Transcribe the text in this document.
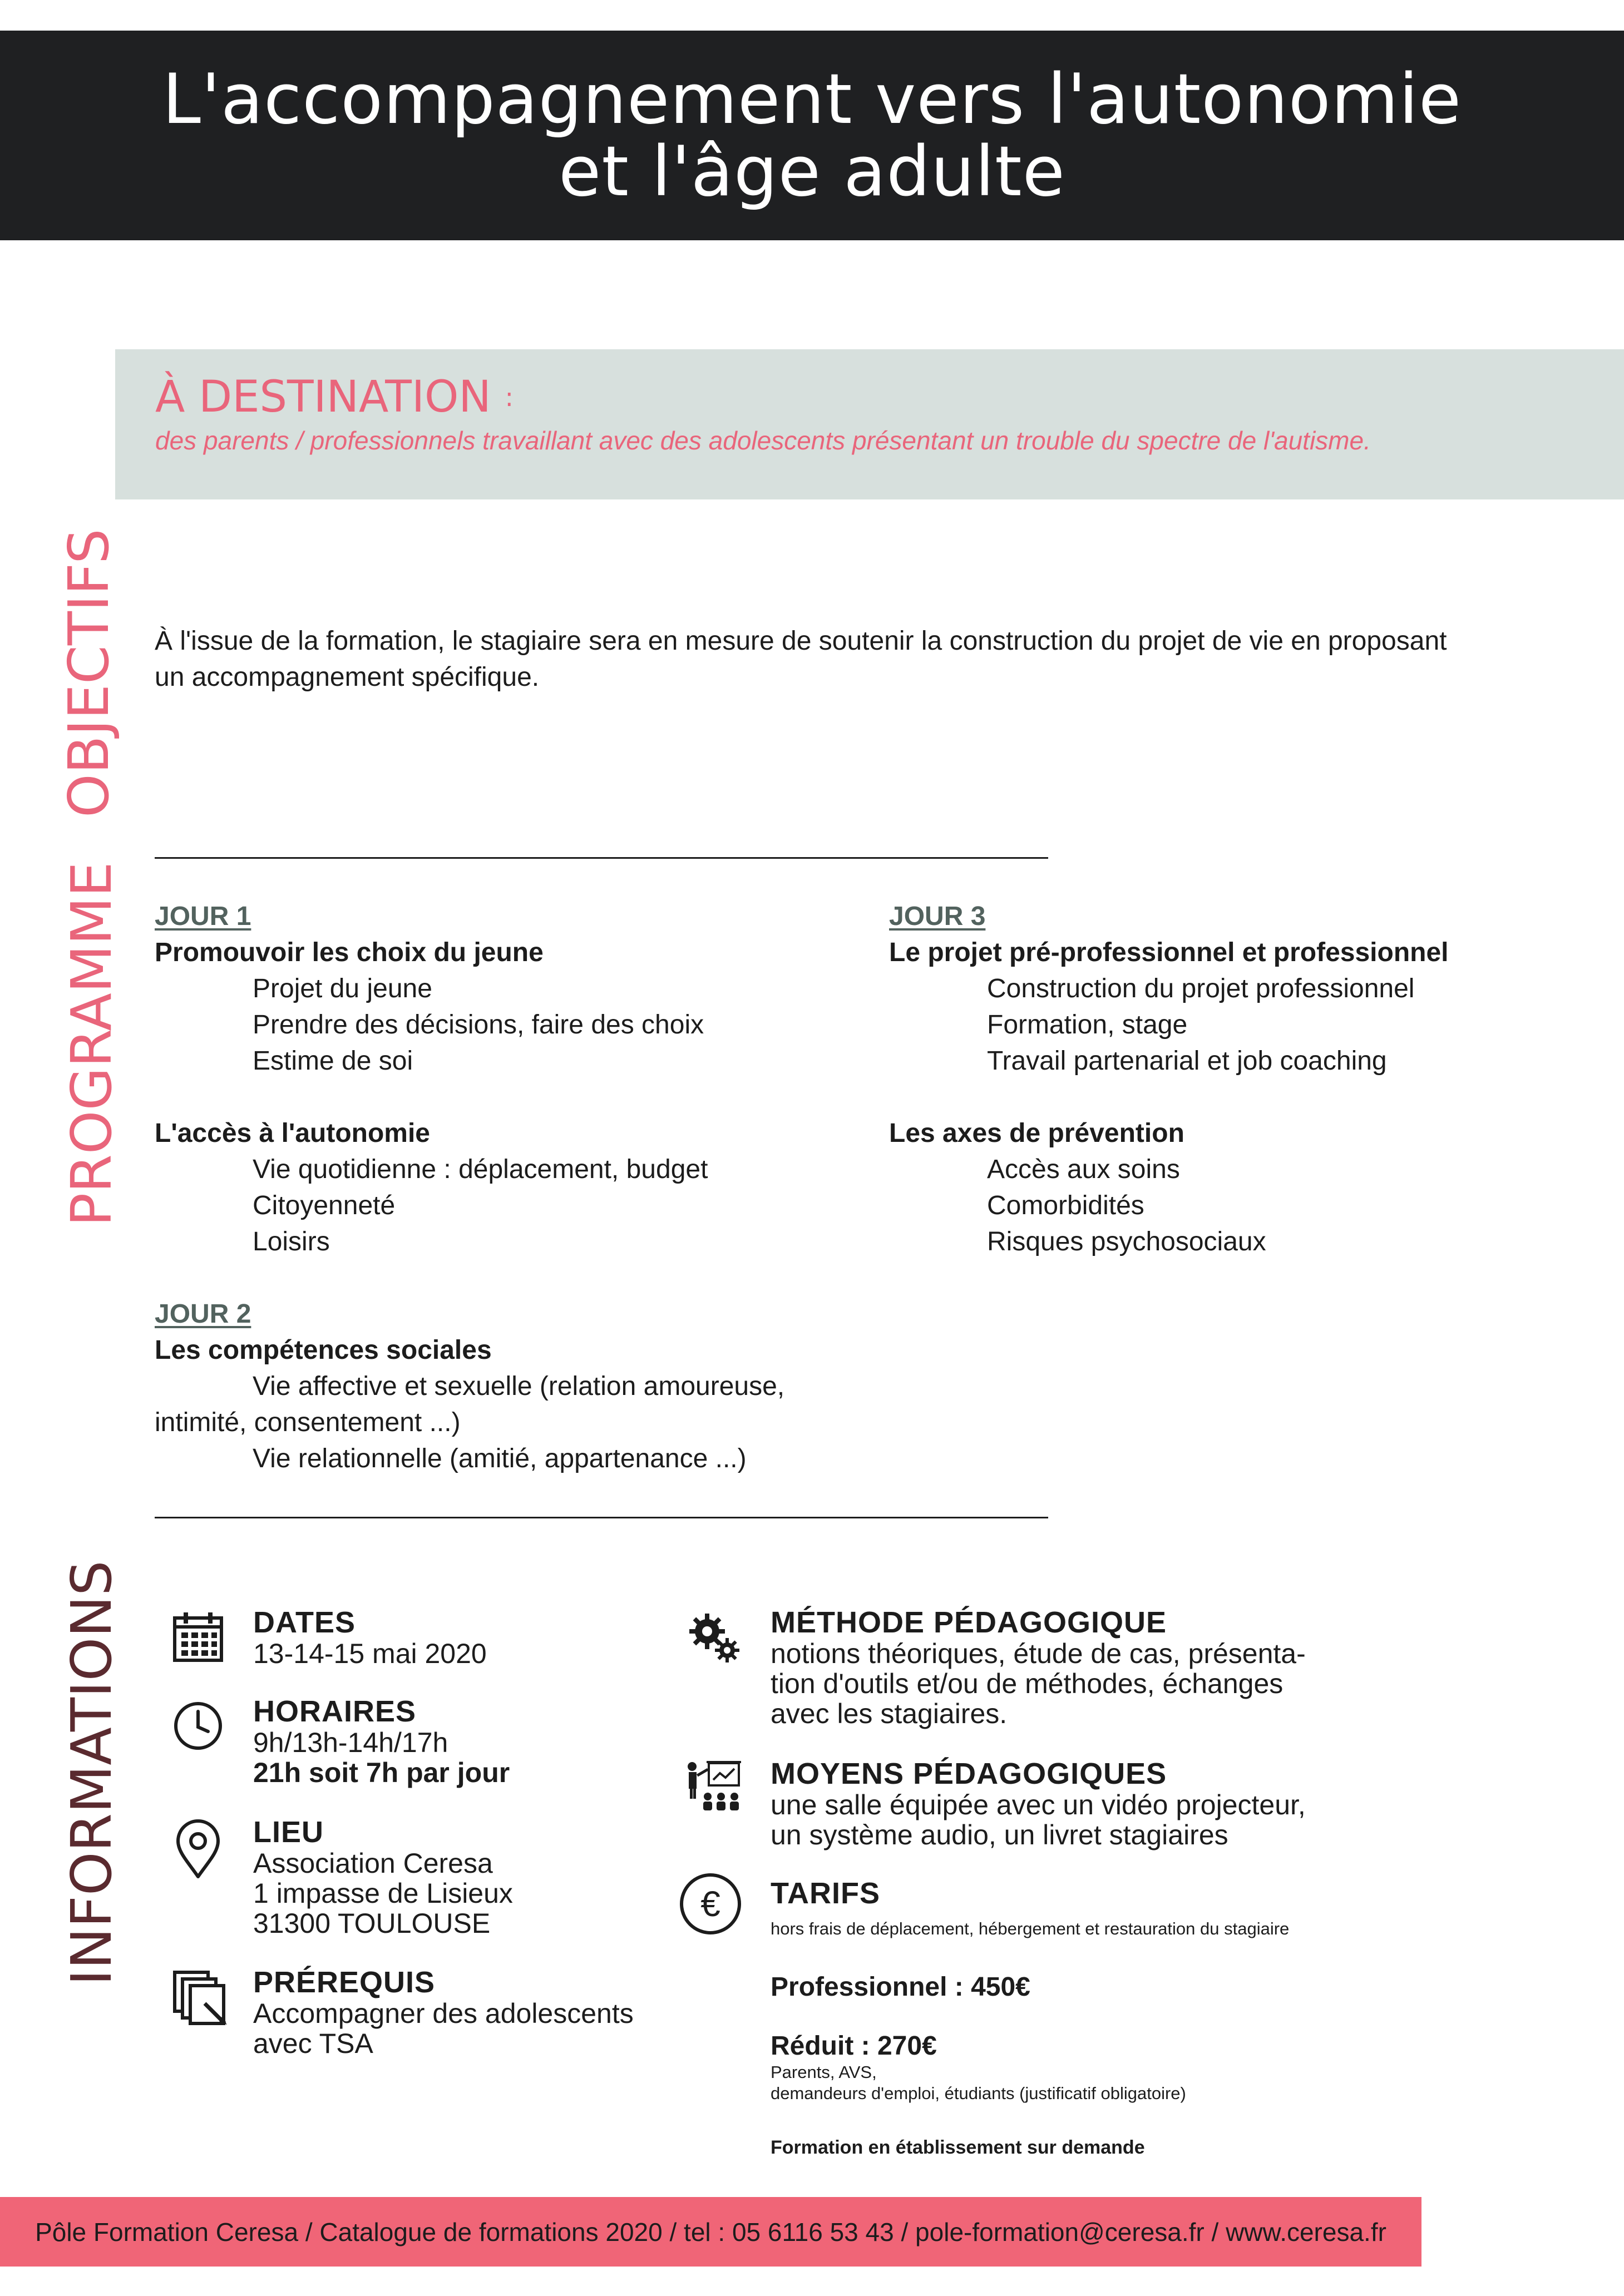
L'accompagnement vers l'autonomie
et l'âge adulte
À DESTINATION :
des parents / professionnels travaillant avec des adolescents présentant un trouble du spectre de l'autisme.
OBJECTIFS
PROGRAMME
INFORMATIONS
À l'issue de la formation, le stagiaire sera en mesure de soutenir la construction du projet de vie en proposant
un accompagnement spécifique.
JOUR 1
Promouvoir les choix du jeune
Projet du jeune
Prendre des décisions, faire des choix
Estime de soi
L'accès à l'autonomie
Vie quotidienne : déplacement, budget
Citoyenneté
Loisirs
JOUR 2
Les compétences sociales
Vie affective et sexuelle (relation amoureuse,
intimité, consentement ...)
Vie relationnelle (amitié, appartenance ...)
JOUR 3
Le projet pré-professionnel et professionnel
Construction du projet professionnel
Formation, stage
Travail partenarial et job coaching
Les axes de prévention
Accès aux soins
Comorbidités
Risques psychosociaux
DATES
13-14-15 mai 2020
HORAIRES
9h/13h-14h/17h
21h soit 7h par jour
LIEU
Association Ceresa
1 impasse de Lisieux
31300 TOULOUSE
PRÉREQUIS
Accompagner des adolescents
avec TSA
MÉTHODE PÉDAGOGIQUE
notions théoriques, étude de cas, présenta-
tion d'outils et/ou de méthodes, échanges
avec les stagiaires.
MOYENS PÉDAGOGIQUES
une salle équipée avec un vidéo projecteur,
un système audio, un livret stagiaires
€	TARIFS
hors frais de déplacement, hébergement et restauration du stagiaire
Professionnel : 450€
Réduit : 270€
Parents, AVS,
demandeurs d'emploi, étudiants (justificatif obligatoire)
Formation en établissement sur demande
Pôle Formation Ceresa / Catalogue de formations 2020 / tel : 05 6116 53 43 / pole-formation@ceresa.fr / www.ceresa.fr
